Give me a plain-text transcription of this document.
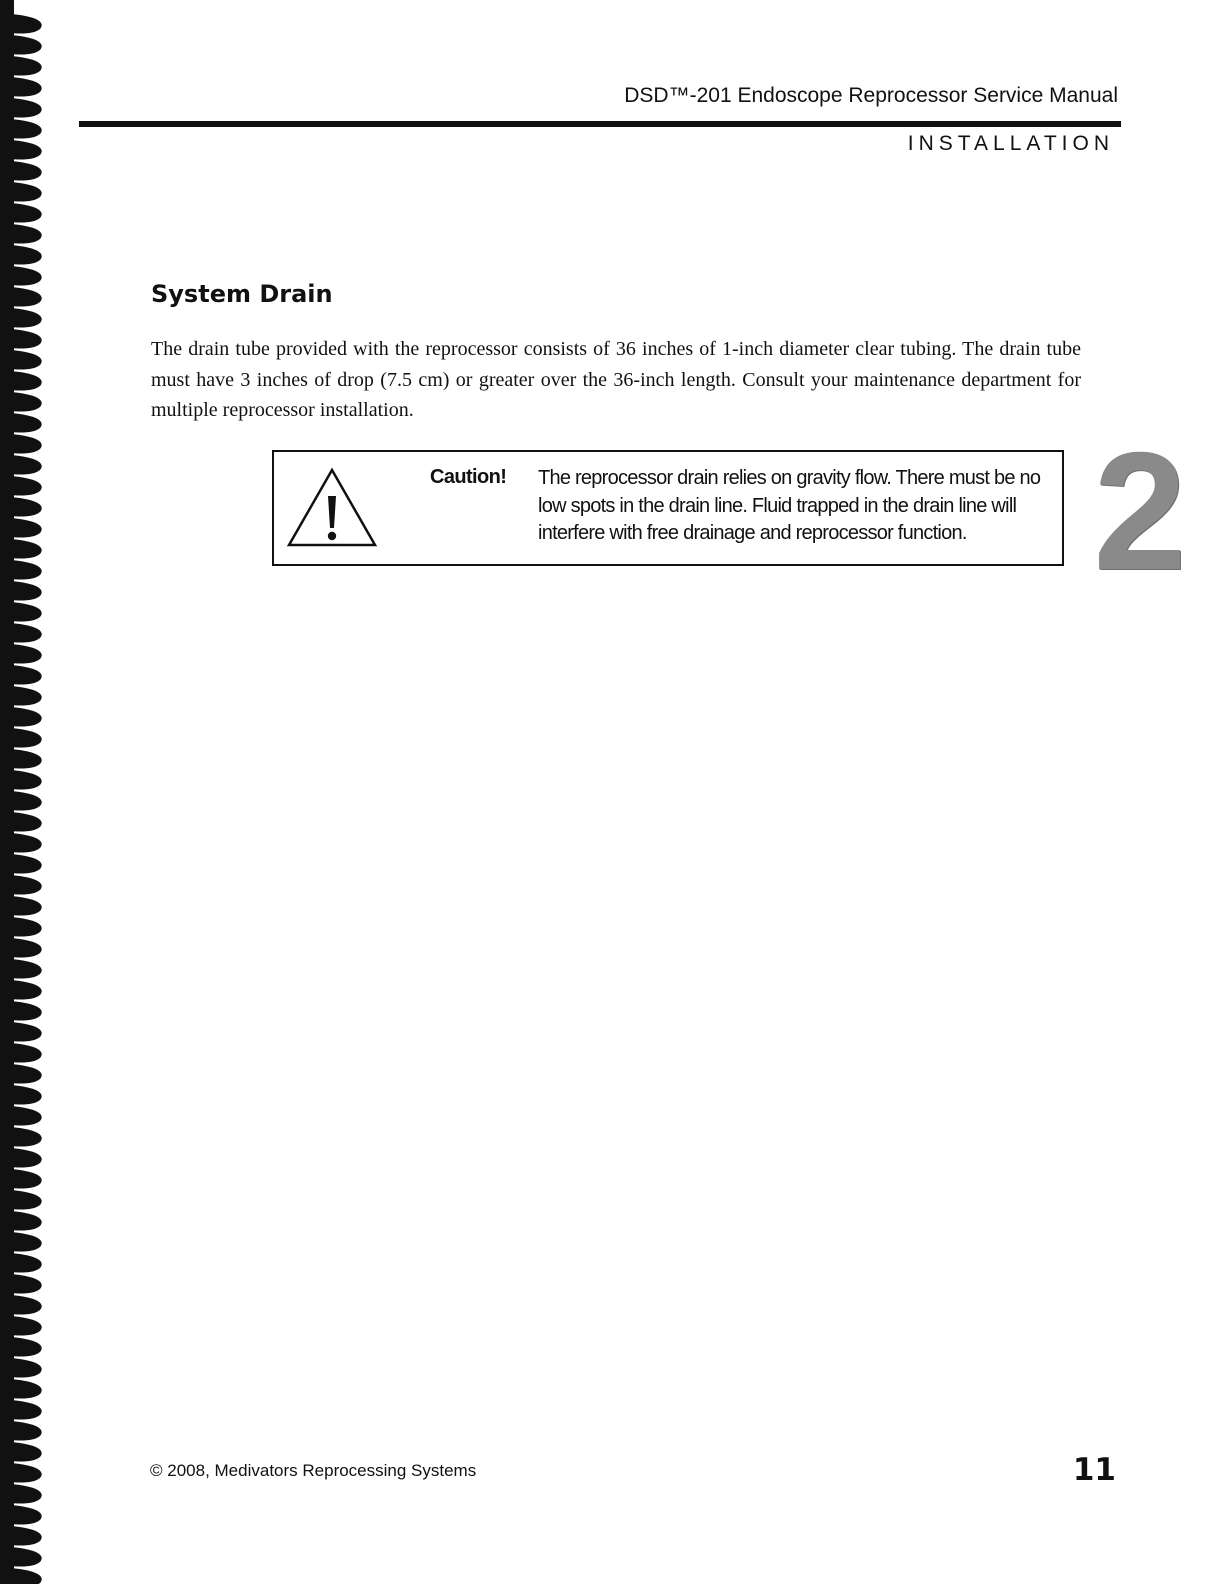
DSD™-201 Endoscope Reprocessor Service Manual
INSTALLATION
System Drain

The drain tube provided with the reprocessor consists of 36 inches of 1-inch diameter clear tubing. The drain tube must have 3 inches of drop (7.5 cm) or greater over the 36-inch length. Consult your maintenance department for multiple reprocessor installation.

Caution! The reprocessor drain relies on gravity flow. There must be no low spots in the drain line. Fluid trapped in the drain line will interfere with free drainage and reprocessor function. 2
© 2008, Medivators Reprocessing Systems	11
